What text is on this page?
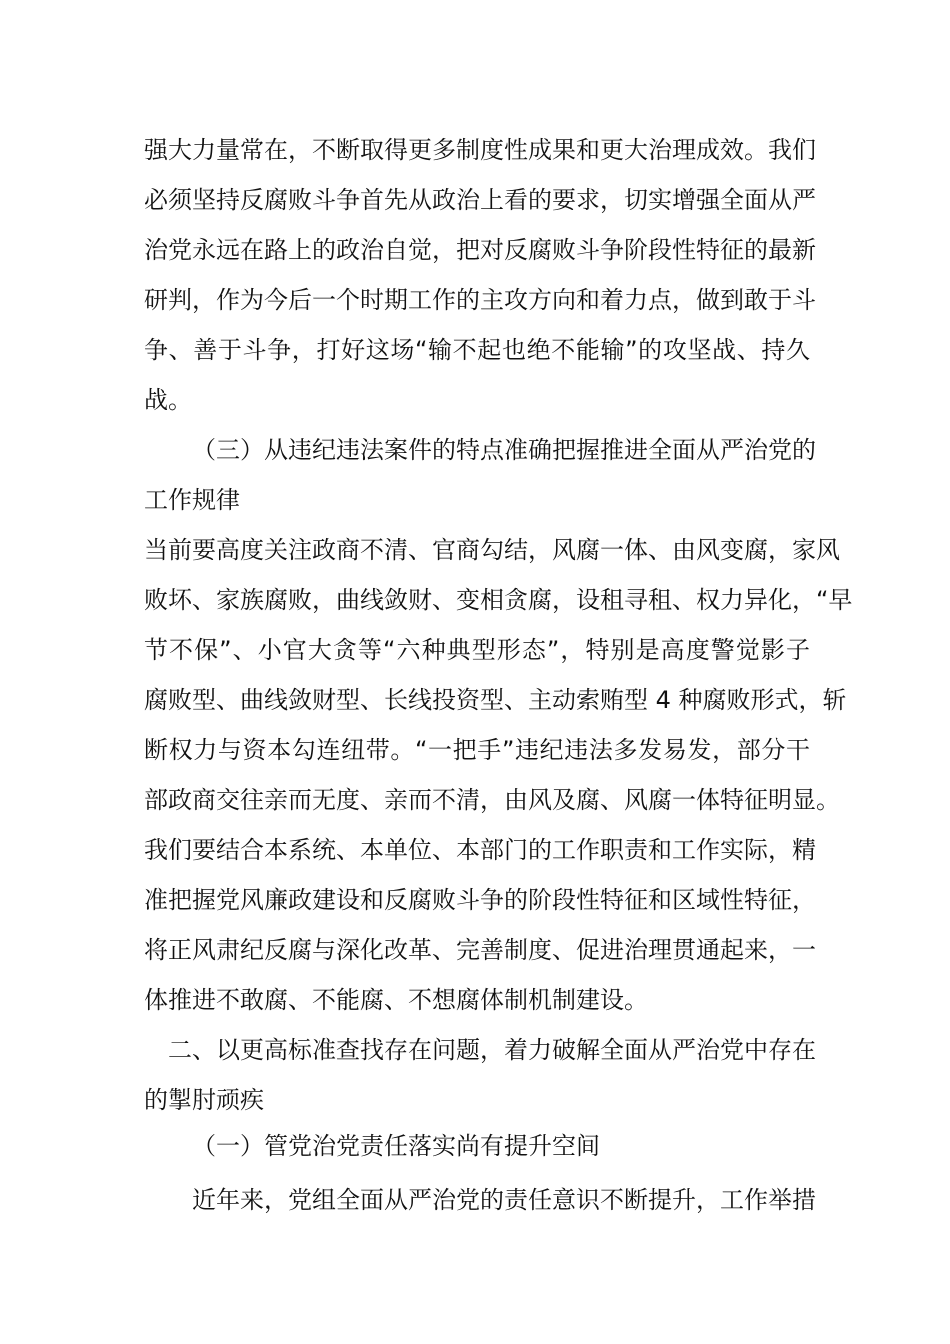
强大力量常在，不断取得更多制度性成果和更大治理成效。我们
必须坚持反腐败斗争首先从政治上看的要求，切实增强全面从严
治党永远在路上的政治自觉，把对反腐败斗争阶段性特征的最新
研判，作为今后一个时期工作的主攻方向和着力点，做到敢于斗
争、善于斗争，打好这场“输不起也绝不能输”的攻坚战、持久
战。
（三）从违纪违法案件的特点准确把握推进全面从严治党的
工作规律
当前要高度关注政商不清、官商勾结，风腐一体、由风变腐，家风
败坏、家族腐败，曲线敛财、变相贪腐，设租寻租、权力异化，“早
节不保”、小官大贪等“六种典型形态”，特别是高度警觉影子
腐败型、曲线敛财型、长线投资型、主动索贿型 4 种腐败形式，斩
断权力与资本勾连纽带。“一把手”违纪违法多发易发，部分干
部政商交往亲而无度、亲而不清，由风及腐、风腐一体特征明显。
我们要结合本系统、本单位、本部门的工作职责和工作实际，精
准把握党风廉政建设和反腐败斗争的阶段性特征和区域性特征，
将正风肃纪反腐与深化改革、完善制度、促进治理贯通起来，一
体推进不敢腐、不能腐、不想腐体制机制建设。
二、以更高标准查找存在问题，着力破解全面从严治党中存在
的掣肘顽疾
（一）管党治党责任落实尚有提升空间
近年来，党组全面从严治党的责任意识不断提升，工作举措
